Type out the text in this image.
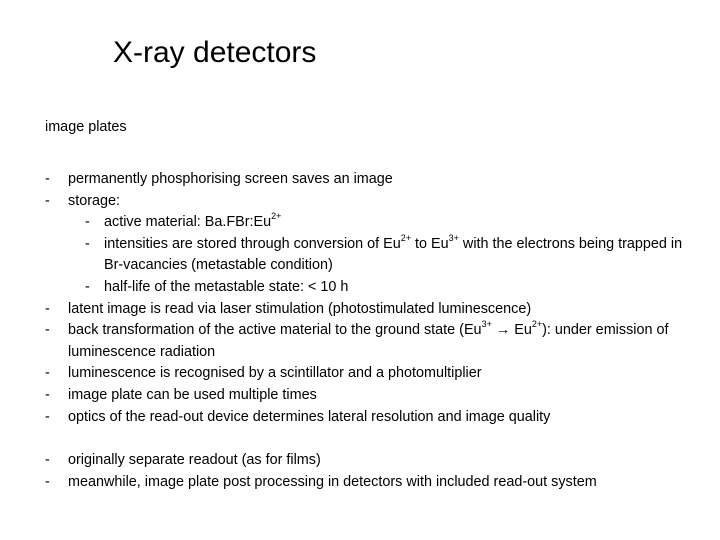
X-ray detectors
image plates
- permanently phosphorising screen saves an image
- storage:
- active material: $Ba.FBr:Eu^{2+}$
- intensities are stored through conversion of $Eu^{2+}$ to $Eu^{3+}$ with the electrons being trapped in Br-vacancies (metastable condition)
- half-life of the metastable state: < 10 h
- latent image is read via laser stimulation (photostimulated luminescence)
- back transformation of the active material to the ground state $(Eu^{3+} \to Eu^{2+})$: under emission of luminescence radiation
- luminescence is recognised by a scintillator and a photomultiplier
- image plate can be used multiple times
- optics of the read-out device determines lateral resolution and image quality
- originally separate readout (as for films)
- meanwhile, image plate post processing in detectors with included read-out system
